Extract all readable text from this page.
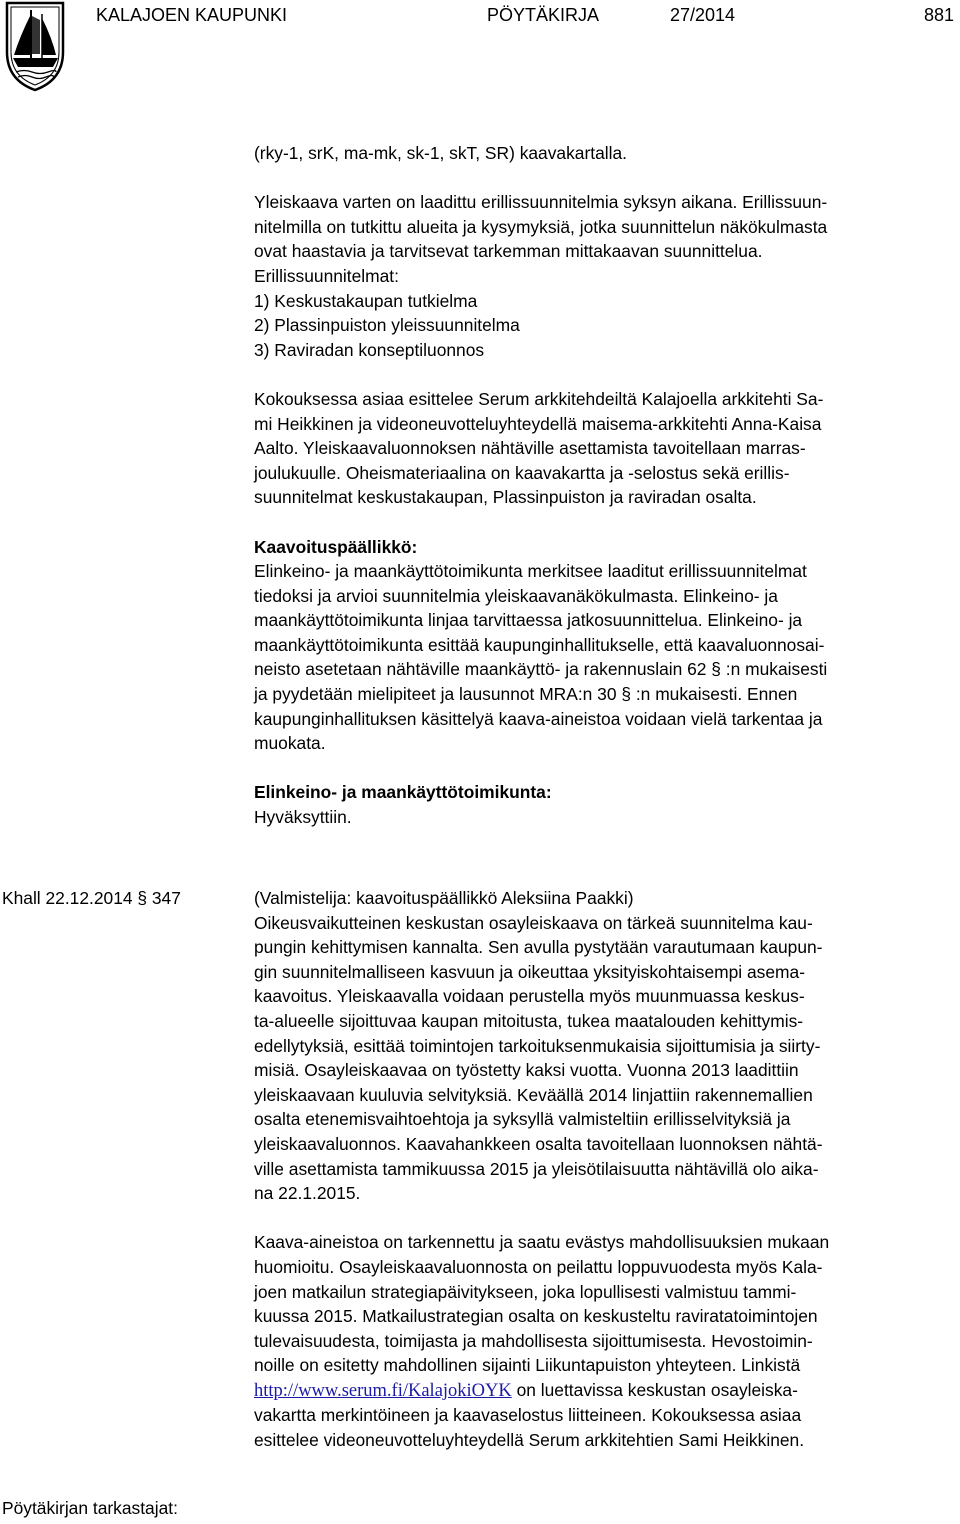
KALAJOEN KAUPUNKI	PÖYTÄKIRJA	27/2014	881

(rky-1, srK, ma-mk, sk-1, skT, SR) kaavakartalla.

Yleiskaava varten on laadittu erillissuunnitelmia syksyn aikana. Erillissuun-
nitelmilla on tutkittu alueita ja kysymyksiä, jotka suunnittelun näkökulmasta
ovat haastavia ja tarvitsevat tarkemman mittakaavan suunnittelua.
Erillissuunnitelmat:
1) Keskustakaupan tutkielma
2) Plassinpuiston yleissuunnitelma
3) Raviradan konseptiluonnos

Kokouksessa asiaa esittelee Serum arkkitehdeiltä Kalajoella arkkitehti Sa-
mi Heikkinen ja videoneuvotteluyhteydellä maisema-arkkitehti Anna-Kaisa
Aalto. Yleiskaavaluonnoksen nähtäville asettamista tavoitellaan marras-
joulukuulle. Oheismateriaalina on kaavakartta ja -selostus sekä erillis-
suunnitelmat keskustakaupan, Plassinpuiston ja raviradan osalta.

Kaavoituspäällikkö:

Elinkeino- ja maankäyttötoimikunta merkitsee laaditut erillissuunnitelmat
tiedoksi ja arvioi suunnitelmia yleiskaavanäkökulmasta. Elinkeino- ja
maankäyttötoimikunta linjaa tarvittaessa jatkosuunnittelua. Elinkeino- ja
maankäyttötoimikunta esittää kaupunginhallitukselle, että kaavaluonnosai-
neisto asetetaan nähtäville maankäyttö- ja rakennuslain 62 § :n mukaisesti
ja pyydetään mielipiteet ja lausunnot MRA:n 30 § :n mukaisesti. Ennen
kaupunginhallituksen käsittelyä kaava-aineistoa voidaan vielä tarkentaa ja
muokata.

Elinkeino- ja maankäyttötoimikunta:

Hyväksyttiin.

Khall 22.12.2014 § 347	(Valmistelija: kaavoituspäällikkö Aleksiina Paakki)
Oikeusvaikutteinen keskustan osayleiskaava on tärkeä suunnitelma kau-
pungin kehittymisen kannalta. Sen avulla pystytään varautumaan kaupun-
gin suunnitelmalliseen kasvuun ja oikeuttaa yksityiskohtaisempi asema-
kaavoitus. Yleiskaavalla voidaan perustella myös muunmuassa keskus-
ta-alueelle sijoittuvaa kaupan mitoitusta, tukea maatalouden kehittymis-
edellytyksiä, esittää toimintojen tarkoituksenmukaisia sijoittumisia ja siirty-
misiä. Osayleiskaavaa on työstetty kaksi vuotta. Vuonna 2013 laadittiin
yleiskaavaan kuuluvia selvityksiä. Keväällä 2014 linjattiin rakennemallien
osalta etenemisvaihtoehtoja ja syksyllä valmisteltiin erillisselvityksiä ja
yleiskaavaluonnos. Kaavahankkeen osalta tavoitellaan luonnoksen nähtä-
ville asettamista tammikuussa 2015 ja yleisötilaisuutta nähtävillä olo aika-
na 22.1.2015.

Kaava-aineistoa on tarkennettu ja saatu evästys mahdollisuuksien mukaan
huomioitu. Osayleiskaavaluonnosta on peilattu loppuvuodesta myös Kala-
joen matkailun strategiapäivitykseen, joka lopullisesti valmistuu tammi-
kuussa 2015. Matkailustrategian osalta on keskusteltu raviratatoimintojen
tulevaisuudesta, toimijasta ja mahdollisesta sijoittumisesta. Hevostoimin-
noille on esitetty mahdollinen sijainti Liikuntapuiston yhteyteen. Linkistä
http://www.serum.fi/KalajokiOYK on luettavissa keskustan osayleiska-
vakartta merkintöineen ja kaavaselostus liitteineen. Kokouksessa asiaa
esittelee videoneuvotteluyhteydellä Serum arkkitehtien Sami Heikkinen.

Pöytäkirjan tarkastajat:
